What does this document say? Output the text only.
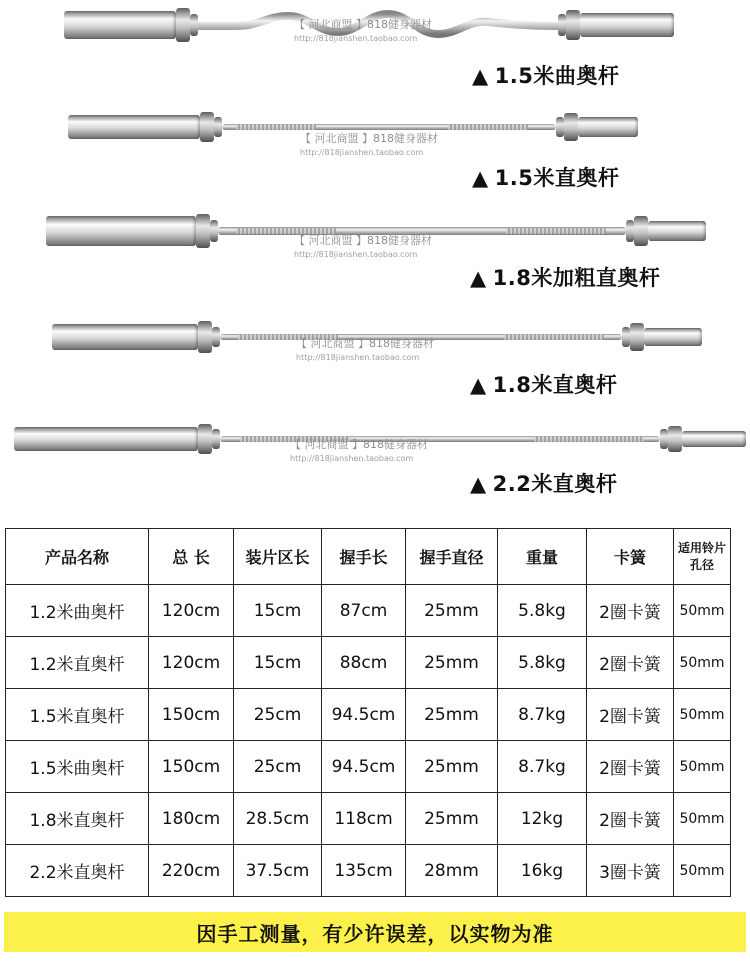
【 河北商盟 】818健身器材
http://818jianshen.taobao.com
▲ 1.5米曲奥杆
【 河北商盟 】818健身器材
http://818jianshen.taobao.com
▲ 1.5米直奥杆
【 河北商盟 】818健身器材
http://818jianshen.taobao.com
▲ 1.8米加粗直奥杆
【 河北商盟 】818健身器材
http://818jianshen.taobao.com
▲ 1.8米直奥杆
【 河北商盟 】818健身器材
http://818jianshen.taobao.com
▲ 2.2米直奥杆
产品名称	总 长	装片区长	握手长	握手直径	重量	卡簧	适用铃片孔径
1.2米曲奥杆	120cm	15cm	87cm	25mm	5.8kg	2圈卡簧	50mm
1.2米直奥杆	120cm	15cm	88cm	25mm	5.8kg	2圈卡簧	50mm
1.5米直奥杆	150cm	25cm	94.5cm	25mm	8.7kg	2圈卡簧	50mm
1.5米曲奥杆	150cm	25cm	94.5cm	25mm	8.7kg	2圈卡簧	50mm
1.8米直奥杆	180cm	28.5cm	118cm	25mm	12kg	2圈卡簧	50mm
2.2米直奥杆	220cm	37.5cm	135cm	28mm	16kg	3圈卡簧	50mm
因手工测量，有少许误差，以实物为准
